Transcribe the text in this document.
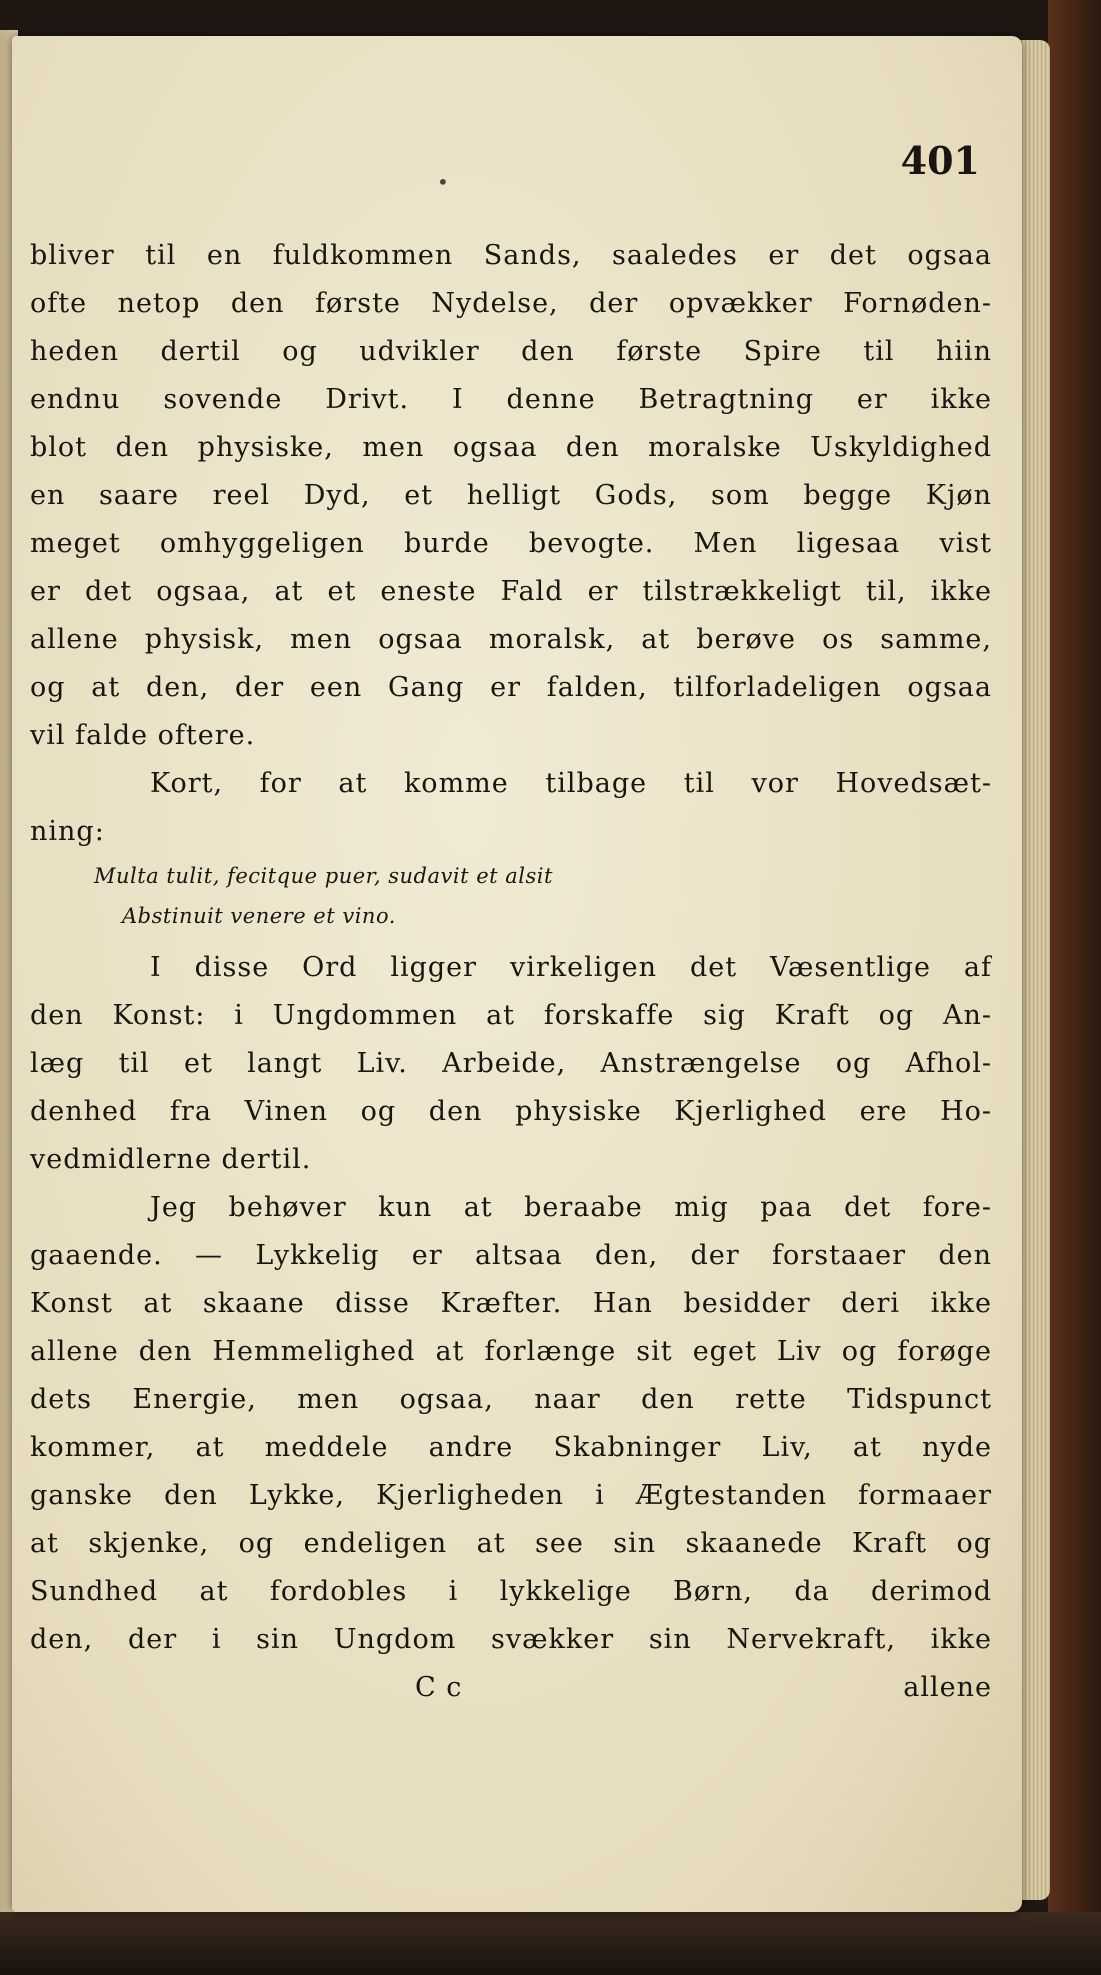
•	401
bliver til en fuldkommen Sands, saaledes er det ogsaa
ofte netop den første Nydelse, der opvækker Fornøden-
heden dertil og udvikler den første Spire til hiin
endnu sovende Drivt. I denne Betragtning er ikke
blot den physiske, men ogsaa den moralske Uskyldighed
en saare reel Dyd, et helligt Gods, som begge Kjøn
meget omhyggeligen burde bevogte. Men ligesaa vist
er det ogsaa, at et eneste Fald er tilstrækkeligt til, ikke
allene physisk, men ogsaa moralsk, at berøve os samme,
og at den, der een Gang er falden, tilforladeligen ogsaa
vil falde oftere.
Kort, for at komme tilbage til vor Hovedsæt-
ning:
Multa tulit, fecitque puer, sudavit et alsit
Abstinuit venere et vino.
I disse Ord ligger virkeligen det Væsentlige af
den Konst: i Ungdommen at forskaffe sig Kraft og An-
læg til et langt Liv. Arbeide, Anstrængelse og Afhol-
denhed fra Vinen og den physiske Kjerlighed ere Ho-
vedmidlerne dertil.
Jeg behøver kun at beraabe mig paa det fore-
gaaende. — Lykkelig er altsaa den, der forstaaer den
Konst at skaane disse Kræfter. Han besidder deri ikke
allene den Hemmelighed at forlænge sit eget Liv og forøge
dets Energie, men ogsaa, naar den rette Tidspunct
kommer, at meddele andre Skabninger Liv, at nyde
ganske den Lykke, Kjerligheden i Ægtestanden formaaer
at skjenke, og endeligen at see sin skaanede Kraft og
Sundhed at fordobles i lykkelige Børn, da derimod
den, der i sin Ungdom svækker sin Nervekraft, ikke
C c	allene
